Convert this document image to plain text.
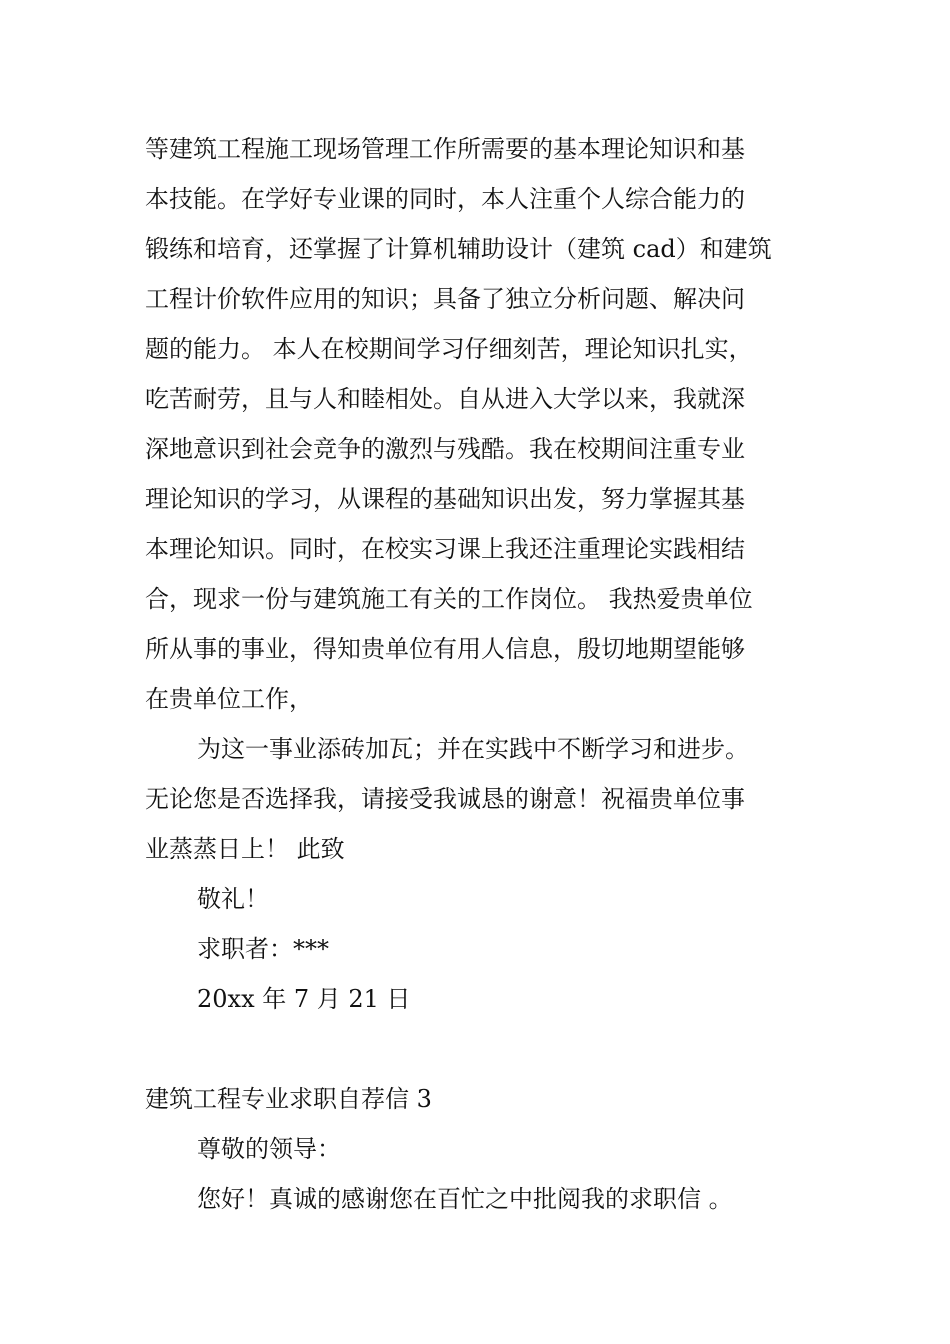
等建筑工程施工现场管理工作所需要的基本理论知识和基
本技能。在学好专业课的同时，本人注重个人综合能力的
锻练和培育，还掌握了计算机辅助设计（建筑 cad）和建筑
工程计价软件应用的知识；具备了独立分析问题、解决问
题的能力。 本人在校期间学习仔细刻苦，理论知识扎实，
吃苦耐劳，且与人和睦相处。自从进入大学以来，我就深
深地意识到社会竞争的激烈与残酷。我在校期间注重专业
理论知识的学习，从课程的基础知识出发，努力掌握其基
本理论知识。同时，在校实习课上我还注重理论实践相结
合，现求一份与建筑施工有关的工作岗位。 我热爱贵单位
所从事的事业，得知贵单位有用人信息，殷切地期望能够
在贵单位工作，
为这一事业添砖加瓦；并在实践中不断学习和进步。
无论您是否选择我，请接受我诚恳的谢意！祝福贵单位事
业蒸蒸日上！ 此致
敬礼！
求职者：***
20xx 年 7 月 21 日
建筑工程专业求职自荐信 3
尊敬的领导：
您好！真诚的感谢您在百忙之中批阅我的求职信 。
